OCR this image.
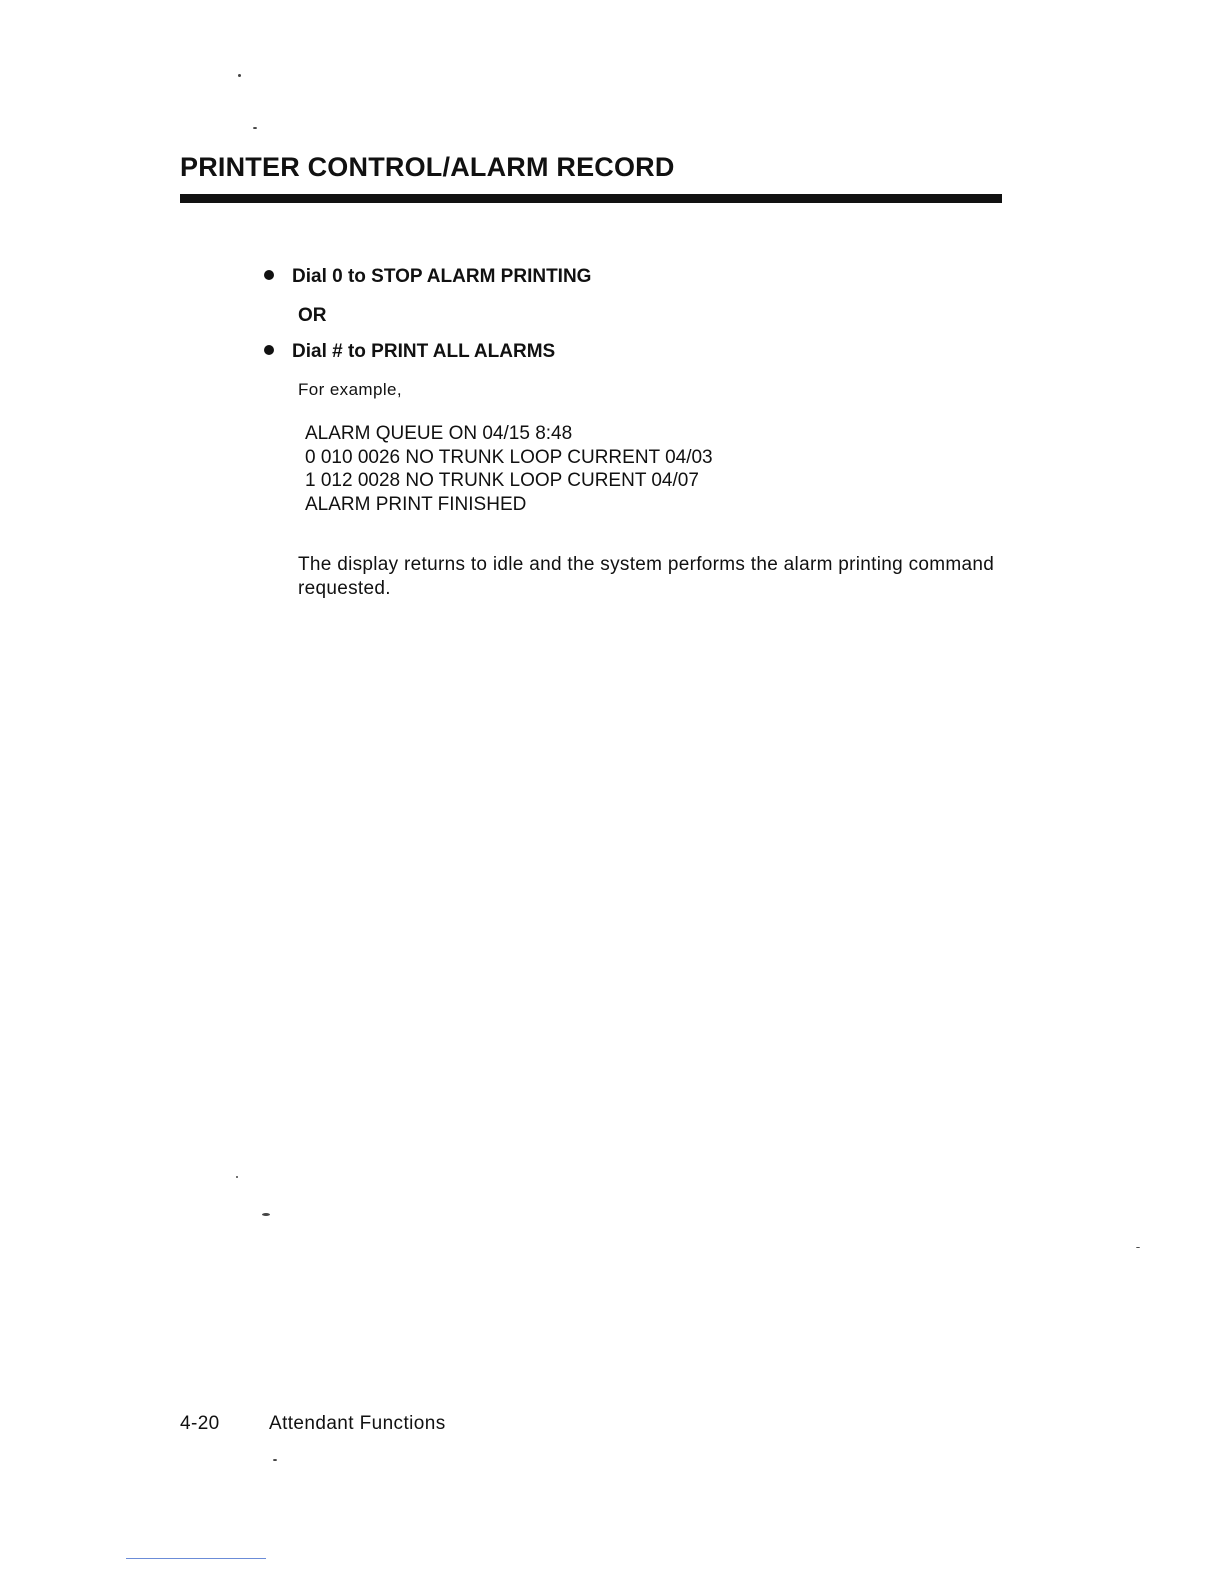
PRINTER CONTROL/ALARM RECORD
Dial 0 to STOP ALARM PRINTING
OR
Dial # to PRINT ALL ALARMS
For example,
ALARM QUEUE ON 04/15 8:48
0 010 0026 NO TRUNK LOOP CURRENT 04/03
1 012 0028 NO TRUNK LOOP CURENT 04/07
ALARM PRINT FINISHED

The display returns to idle and the system performs the alarm printing command requested.

4-20	Attendant Functions
